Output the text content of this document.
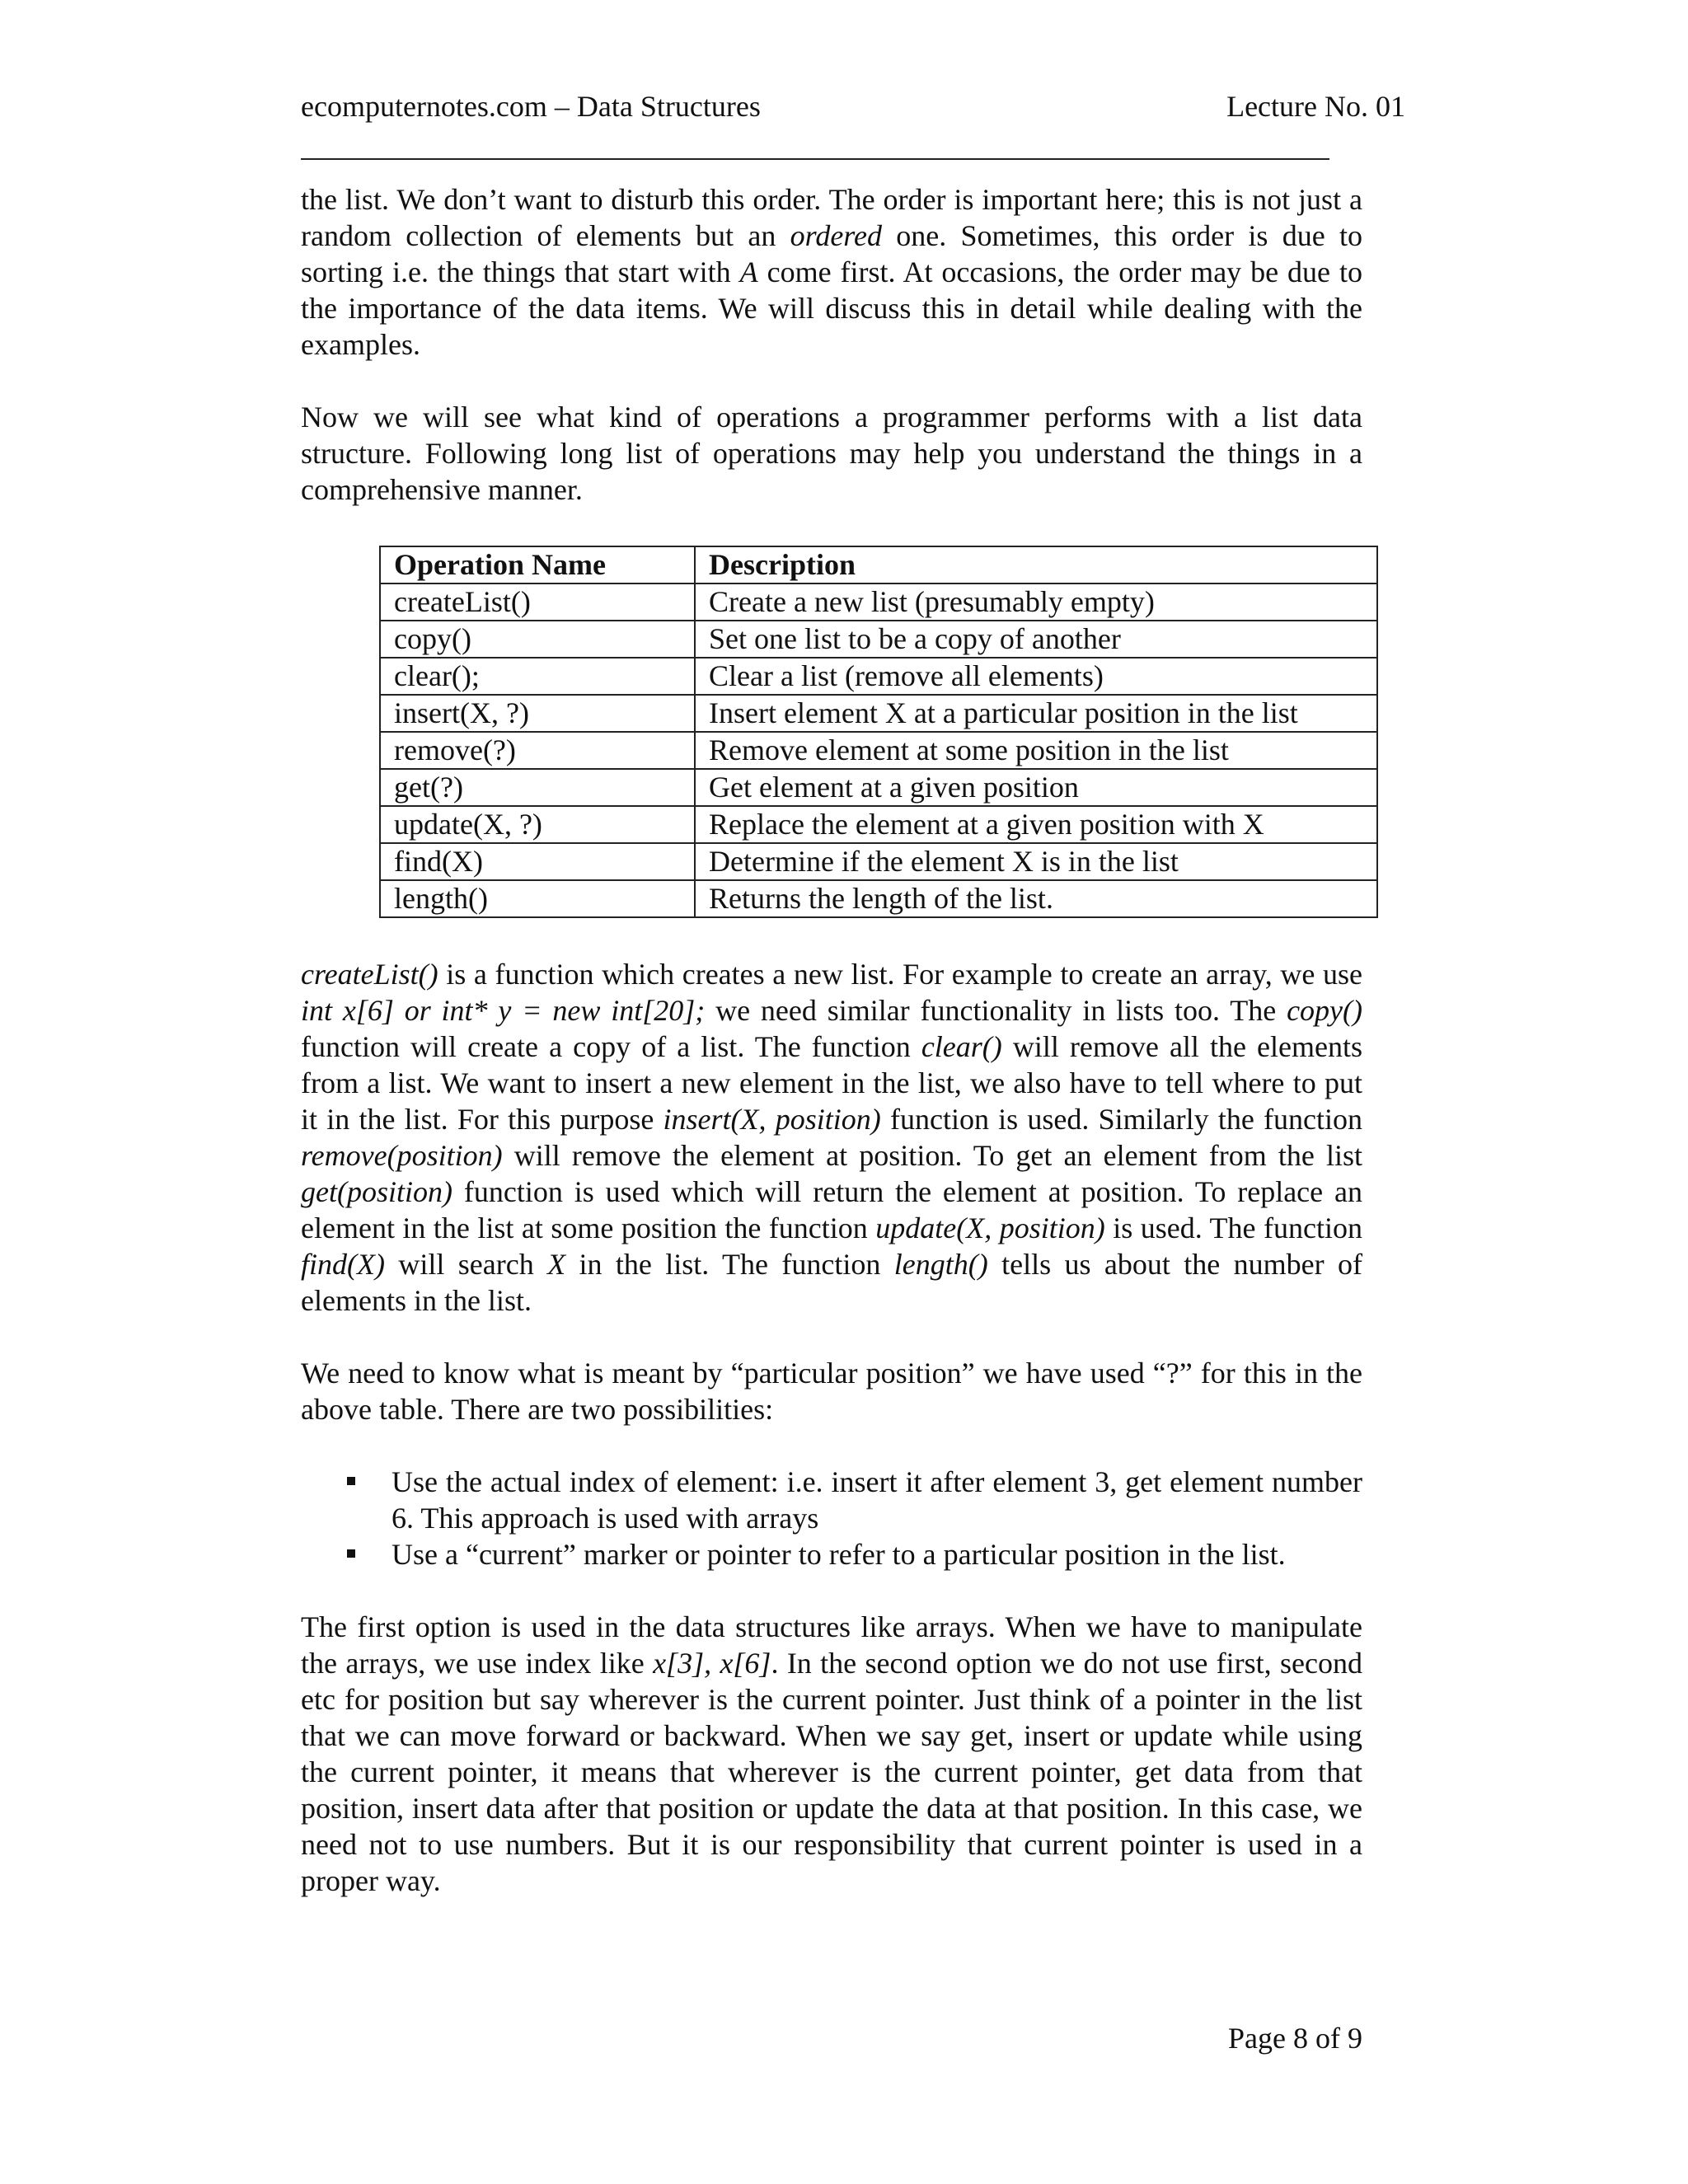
ecomputernotes.com – Data Structures	Lecture No. 01

the list. We don’t want to disturb this order. The order is important here; this is not just a random collection of elements but an ordered one. Sometimes, this order is due to sorting i.e. the things that start with A come first. At occasions, the order may be due to the importance of the data items. We will discuss this in detail while dealing with the examples.

Now we will see what kind of operations a programmer performs with a list data structure. Following long list of operations may help you understand the things in a comprehensive manner.

Operation Name	Description
createList()	Create a new list (presumably empty)
copy()	Set one list to be a copy of another
clear();	Clear a list (remove all elements)
insert(X, ?)	Insert element X at a particular position in the list
remove(?)	Remove element at some position in the list
get(?)	Get element at a given position
update(X, ?)	Replace the element at a given position with X
find(X)	Determine if the element X is in the list
length()	Returns the length of the list.

createList() is a function which creates a new list. For example to create an array, we use int x[6] or int* y = new int[20]; we need similar functionality in lists too. The copy() function will create a copy of a list. The function clear() will remove all the elements from a list. We want to insert a new element in the list, we also have to tell where to put it in the list. For this purpose insert(X, position) function is used. Similarly the function remove(position) will remove the element at position. To get an element from the list get(position) function is used which will return the element at position. To replace an element in the list at some position the function update(X, position) is used. The function find(X) will search X in the list. The function length() tells us about the number of elements in the list.

We need to know what is meant by “particular position” we have used “?” for this in the above table. There are two possibilities:

Use the actual index of element: i.e. insert it after element 3, get element number 6. This approach is used with arrays
Use a “current” marker or pointer to refer to a particular position in the list.

The first option is used in the data structures like arrays. When we have to manipulate the arrays, we use index like x[3], x[6]. In the second option we do not use first, second etc for position but say wherever is the current pointer. Just think of a pointer in the list that we can move forward or backward. When we say get, insert or update while using the current pointer, it means that wherever is the current pointer, get data from that position, insert data after that position or update the data at that position. In this case, we need not to use numbers. But it is our responsibility that current pointer is used in a proper way.

Page 8 of 9
